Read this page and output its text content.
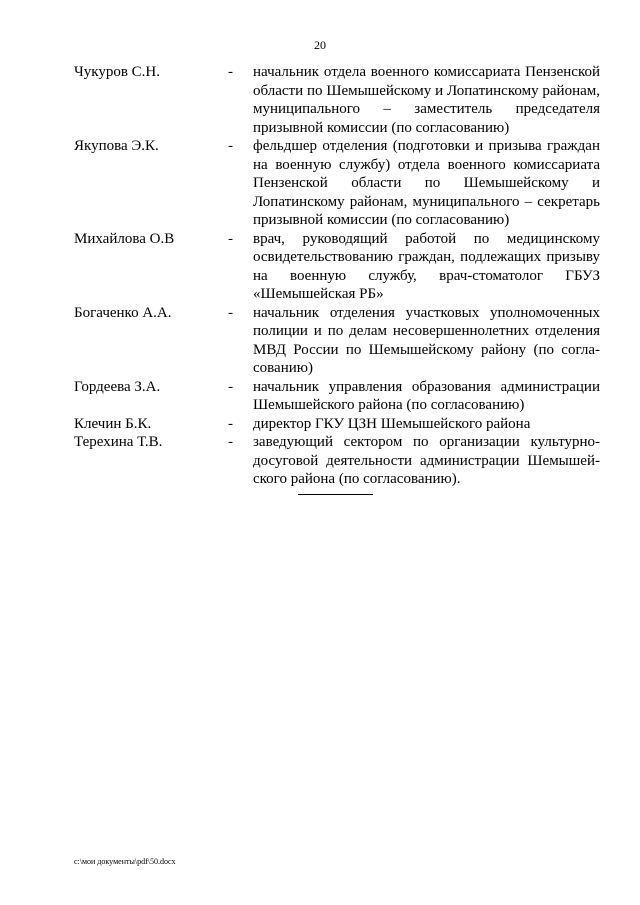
20
Чукуров С.Н.	-	начальник отдела военного комиссариата Пензенской области по Шемышейскому и Лопатинскому районам, муниципального – заместитель председателя призывной комиссии (по согласованию)
Якупова Э.К.	-	фельдшер отделения (подготовки и призыва граждан на военную службу) отдела военного комиссариата Пензенской области по Шемышейскому и Лопатинскому районам, муниципального – секретарь призывной комиссии (по согласованию)
Михайлова О.В	-	врач, руководящий работой по медицинскому освидетельствованию граждан, подлежащих призыву на военную службу, врач-стоматолог ГБУЗ «Шемышейская РБ»
Богаченко А.А.	-	начальник отделения участковых уполномоченных полиции и по делам несовершеннолетних отделения МВД России по Шемышейскому району (по согласованию)
Гордеева З.А.	-	начальник управления образования администрации Шемышейского района (по согласованию)
Клечин Б.К.	-	директор ГКУ ЦЗН Шемышейского района
Терехина Т.В.	-	заведующий сектором по организации культурно-досуговой деятельности администрации Шемышейского района (по согласованию).
c:\мои документы\pdf\50.docx
